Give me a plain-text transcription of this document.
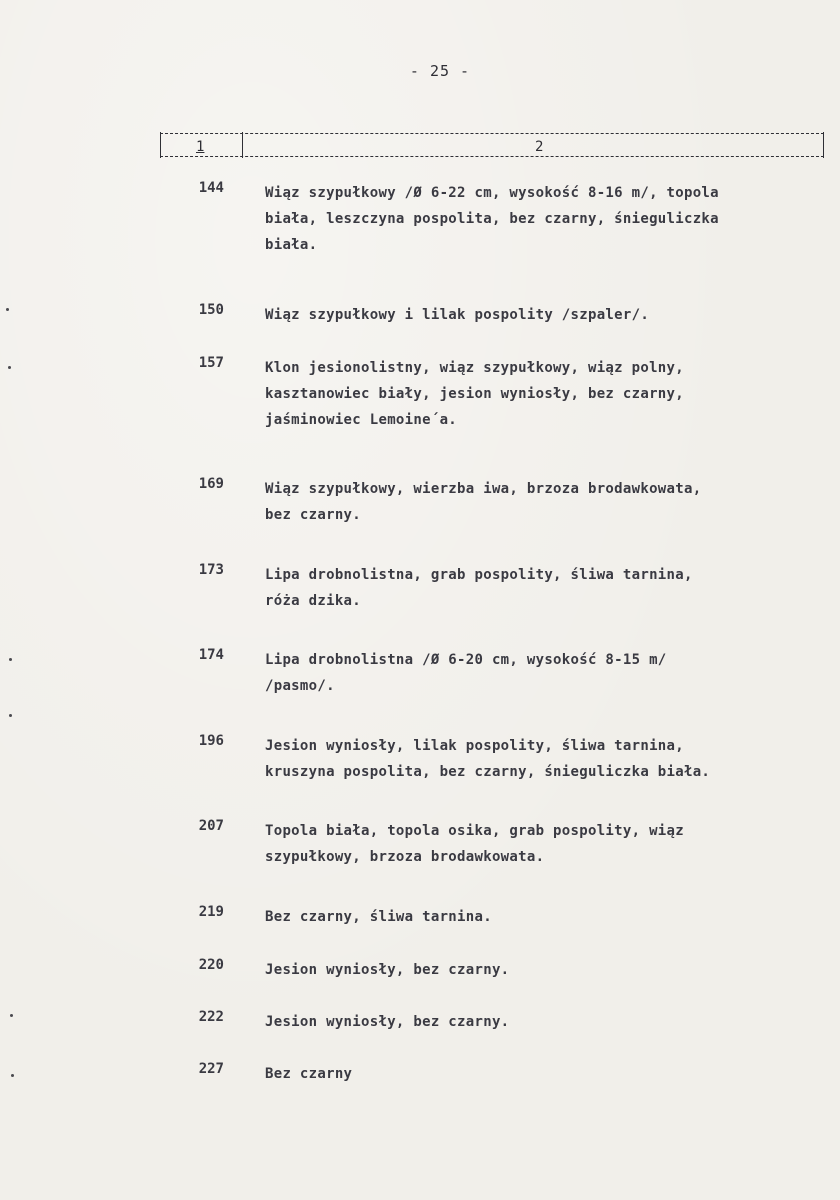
- 25 -
1	2
144	Wiąz szypułkowy /Ø 6-22 cm, wysokość 8-16 m/, topola
biała, leszczyna pospolita, bez czarny, śnieguliczka
biała.
150	Wiąz szypułkowy i lilak pospolity /szpaler/.
157	Klon jesionolistny, wiąz szypułkowy, wiąz polny,
kasztanowiec biały, jesion wyniosły, bez czarny,
jaśminowiec Lemoine´a.
169	Wiąz szypułkowy, wierzba iwa, brzoza brodawkowata,
bez czarny.
173	Lipa drobnolistna, grab pospolity, śliwa tarnina,
róża dzika.
174	Lipa drobnolistna /Ø 6-20 cm, wysokość 8-15 m/
/pasmo/.
196	Jesion wyniosły, lilak pospolity, śliwa tarnina,
kruszyna pospolita, bez czarny, śnieguliczka biała.
207	Topola biała, topola osika, grab pospolity, wiąz
szypułkowy, brzoza brodawkowata.
219	Bez czarny, śliwa tarnina.
220	Jesion wyniosły, bez czarny.
222	Jesion wyniosły, bez czarny.
227	Bez czarny
